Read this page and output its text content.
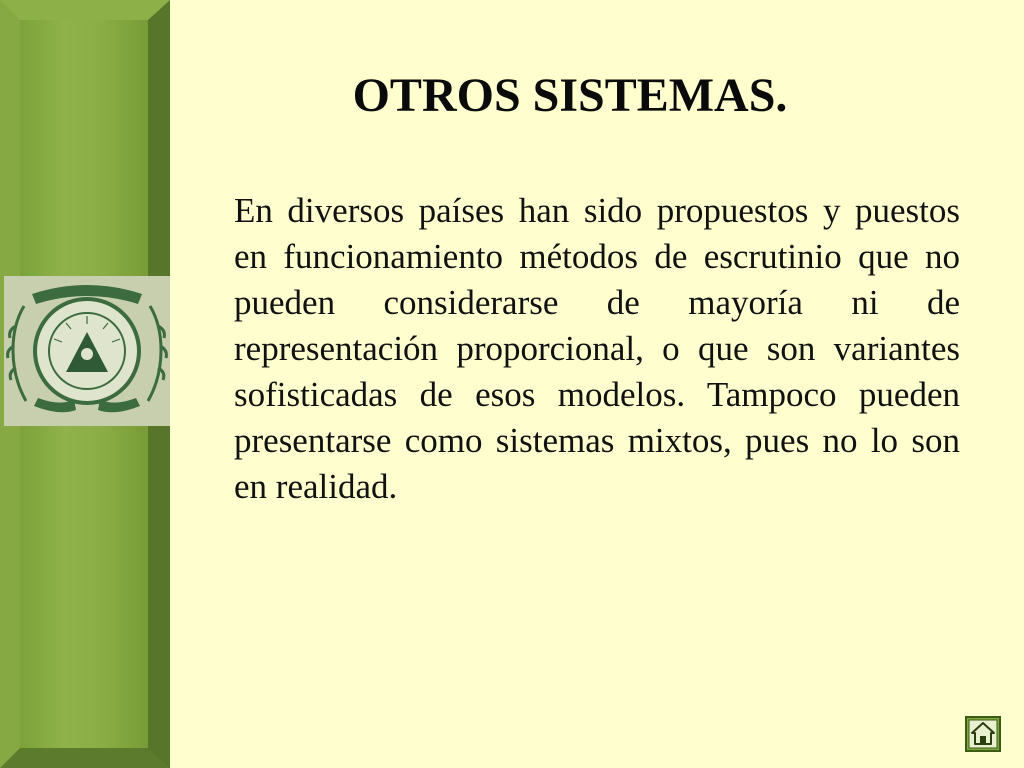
OTROS SISTEMAS.

En diversos países han sido propuestos y puestos en funcionamiento métodos de escrutinio que no pueden considerarse de mayoría ni de representación proporcional, o que son variantes sofisticadas de esos modelos. Tampoco pueden presentarse como sistemas mixtos, pues no lo son en realidad.
